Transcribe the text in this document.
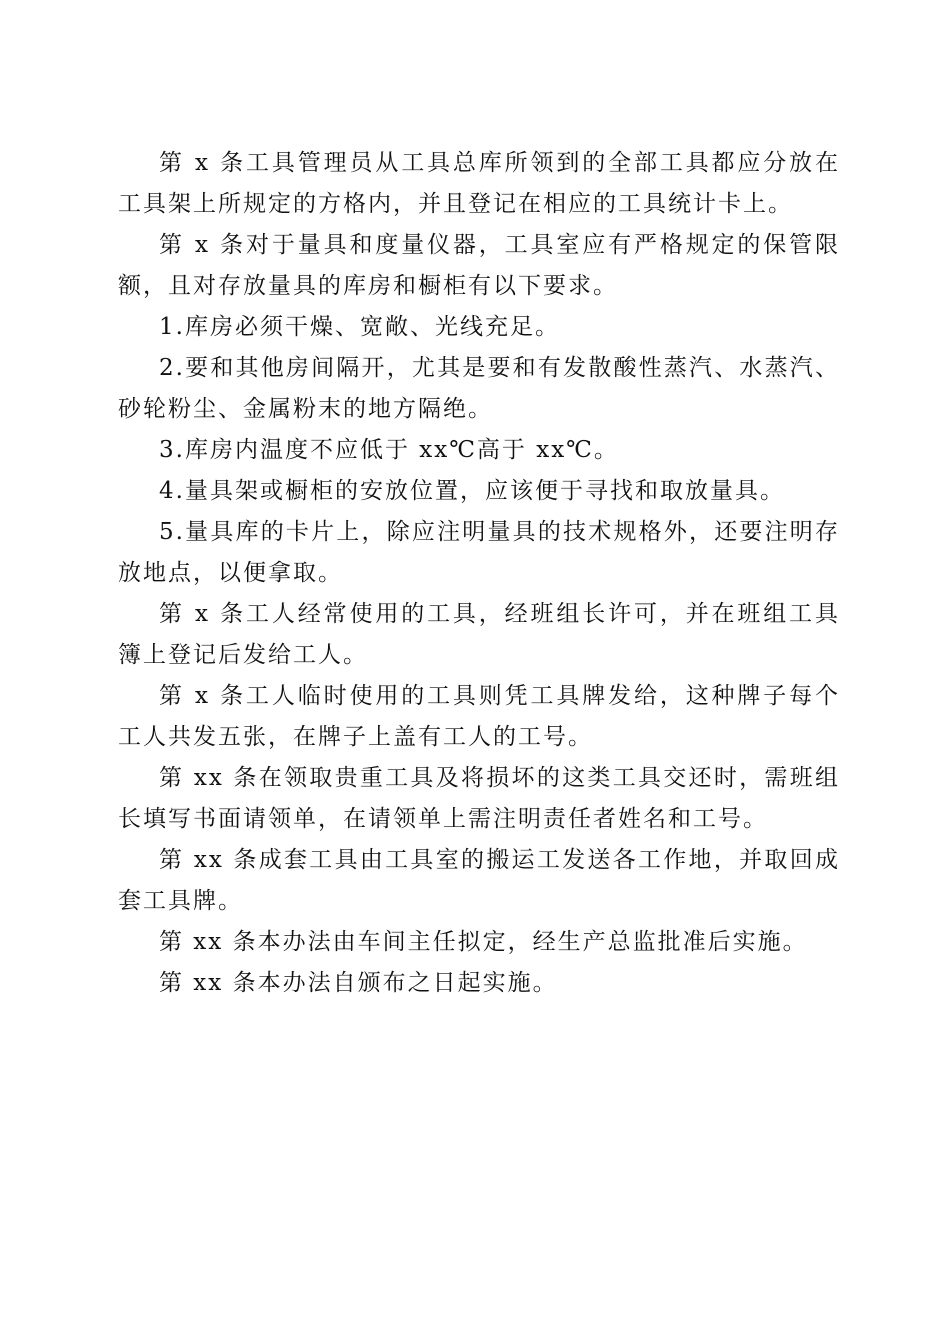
第 x 条工具管理员从工具总库所领到的全部工具都应分放在工具架上所规定的方格内，并且登记在相应的工具统计卡上。

第 x 条对于量具和度量仪器，工具室应有严格规定的保管限额，且对存放量具的库房和橱柜有以下要求。

1.库房必须干燥、宽敞、光线充足。

2.要和其他房间隔开，尤其是要和有发散酸性蒸汽、水蒸汽、砂轮粉尘、金属粉末的地方隔绝。

3.库房内温度不应低于 xx℃高于 xx℃。

4.量具架或橱柜的安放位置，应该便于寻找和取放量具。

5.量具库的卡片上，除应注明量具的技术规格外，还要注明存放地点，以便拿取。

第 x 条工人经常使用的工具，经班组长许可，并在班组工具簿上登记后发给工人。

第 x 条工人临时使用的工具则凭工具牌发给，这种牌子每个工人共发五张，在牌子上盖有工人的工号。

第 xx 条在领取贵重工具及将损坏的这类工具交还时，需班组长填写书面请领单，在请领单上需注明责任者姓名和工号。

第 xx 条成套工具由工具室的搬运工发送各工作地，并取回成套工具牌。

第 xx 条本办法由车间主任拟定，经生产总监批准后实施。

第 xx 条本办法自颁布之日起实施。
